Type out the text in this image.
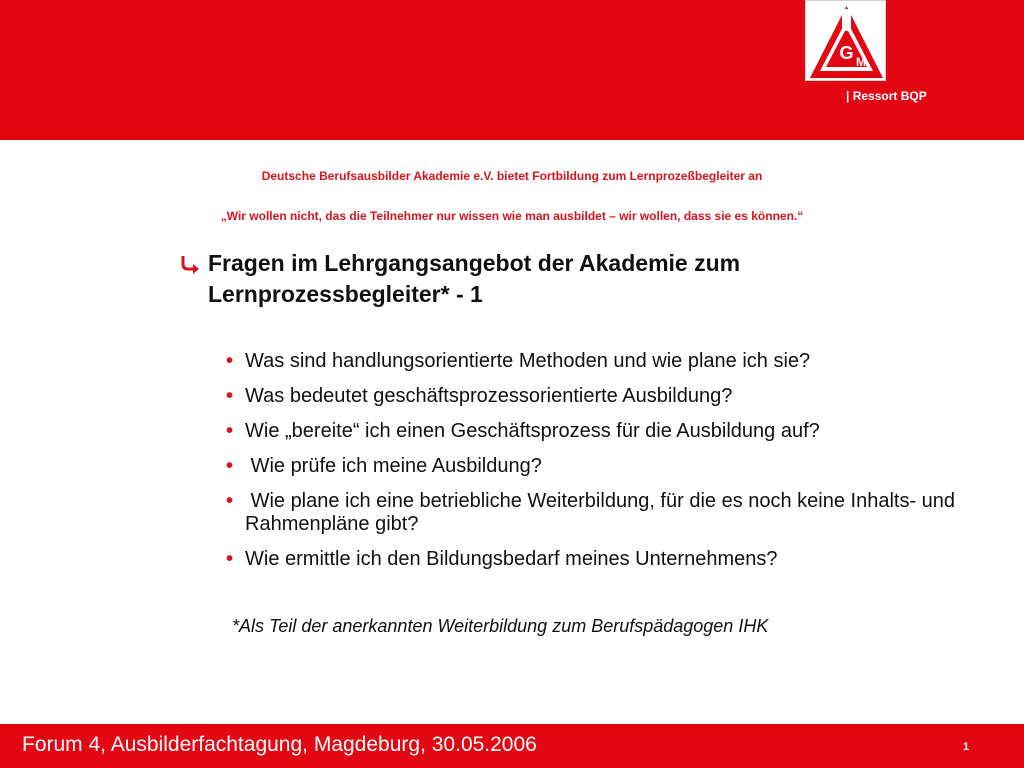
G M
| Ressort BQP
Deutsche Berufsausbilder Akademie e.V. bietet Fortbildung zum Lernprozeßbegleiter an
„Wir wollen nicht, das die Teilnehmer nur wissen wie man ausbildet – wir wollen, dass sie es können.“
Fragen im Lehrgangsangebot der Akademie zum Lernprozessbegleiter* - 1
• Was sind handlungsorientierte Methoden und wie plane ich sie?
• Was bedeutet geschäftsprozessorientierte Ausbildung?
• Wie „bereite“ ich einen Geschäftsprozess für die Ausbildung auf?
• Wie prüfe ich meine Ausbildung?
• Wie plane ich eine betriebliche Weiterbildung, für die es noch keine Inhalts- und Rahmenpläne gibt?
• Wie ermittle ich den Bildungsbedarf meines Unternehmens?
*Als Teil der anerkannten Weiterbildung zum Berufspädagogen IHK
Forum 4, Ausbilderfachtagung, Magdeburg, 30.05.2006	1
